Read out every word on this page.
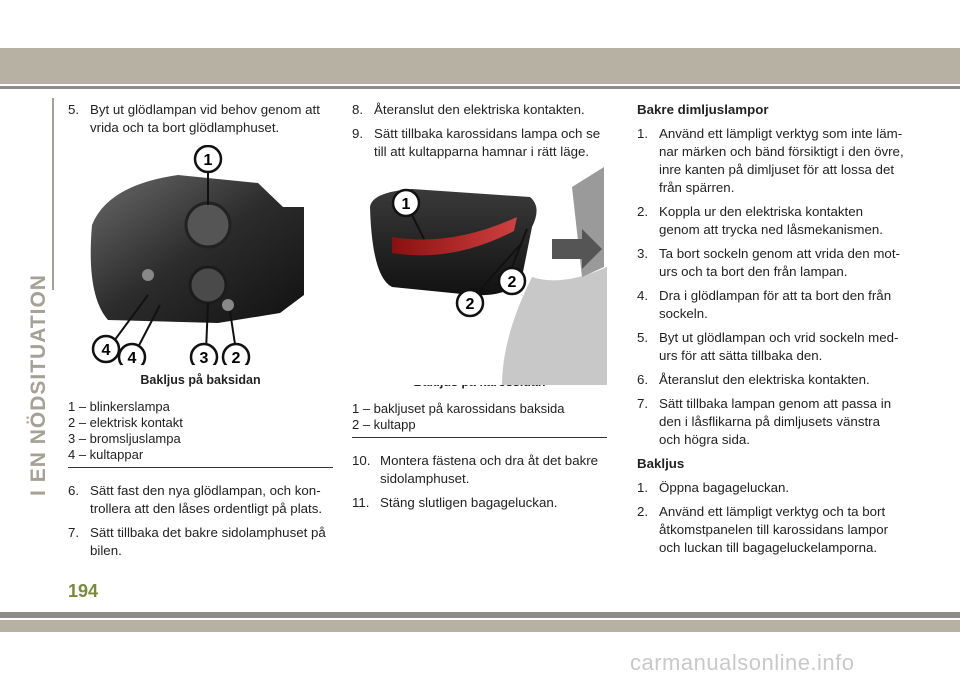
I EN NÖDSITUATION
5. Byt ut glödlampan vid behov genom att vrida och ta bort glödlamphuset.
1
4 4	3 2
Bakljus på baksidan
1 – blinkerslampa
2 – elektrisk kontakt
3 – bromsljuslampa
4 – kultappar
6. Sätt fast den nya glödlampan, och kon-trollera att den låses ordentligt på plats.
7. Sätt tillbaka det bakre sidolamphuset på bilen.
8. Återanslut den elektriska kontakten.
9. Sätt tillbaka karossidans lampa och se till att kultapparna hamnar i rätt läge.
1
2
2
1 – bakljuset på karossidans baksida
2 – kultapp
10. Montera fästena och dra åt det bakre sidolamphuset.
11. Stäng slutligen bagageluckan.
Bakre dimljuslampor
1. Använd ett lämpligt verktyg som inte läm-nar märken och bänd försiktigt i den övre, inre kanten på dimljuset för att lossa det från spärren.
2. Koppla ur den elektriska kontakten genom att trycka ned låsmekanismen.
3. Ta bort sockeln genom att vrida den mot-urs och ta bort den från lampan.
4. Dra i glödlampan för att ta bort den från sockeln.
5. Byt ut glödlampan och vrid sockeln med-urs för att sätta tillbaka den.
6. Återanslut den elektriska kontakten.
7. Sätt tillbaka lampan genom att passa in den i låsflikarna på dimljusets vänstra och högra sida.
Bakljus
1. Öppna bagageluckan.
2. Använd ett lämpligt verktyg och ta bort åtkomstpanelen till karossidans lampor och luckan till bagageluckelamporna.
194
carmanualsonline.info
